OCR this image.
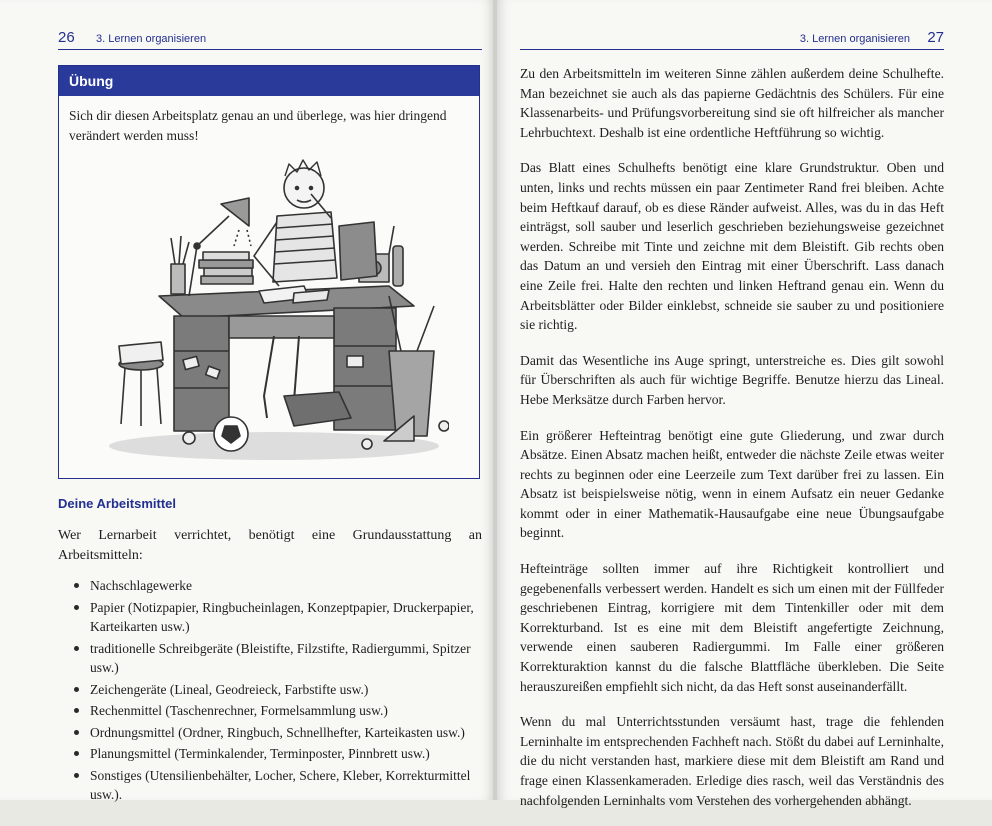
26 3. Lernen organisieren
Übung
Sich dir diesen Arbeitsplatz genau an und überlege, was hier dringend verändert werden muss!
Deine Arbeitsmittel
Wer Lernarbeit verrichtet, benötigt eine Grundausstattung an Arbeitsmitteln:
Nachschlagewerke
Papier (Notizpapier, Ringbucheinlagen, Konzeptpapier, Druckerpapier, Karteikarten usw.)
traditionelle Schreibgeräte (Bleistifte, Filzstifte, Radiergummi, Spitzer usw.)
Zeichengeräte (Lineal, Geodreieck, Farbstifte usw.)
Rechenmittel (Taschenrechner, Formelsammlung usw.)
Ordnungsmittel (Ordner, Ringbuch, Schnellhefter, Karteikasten usw.)
Planungsmittel (Terminkalender, Terminposter, Pinnbrett usw.)
Sonstiges (Utensilienbehälter, Locher, Schere, Kleber, Korrekturmittel usw.).
3. Lernen organisieren 27

Zu den Arbeitsmitteln im weiteren Sinne zählen außerdem deine Schulhefte. Man bezeichnet sie auch als das papierne Gedächtnis des Schülers. Für eine Klassenarbeits- und Prüfungsvorbereitung sind sie oft hilfreicher als mancher Lehrbuchtext. Deshalb ist eine ordentliche Heftführung so wichtig.

Das Blatt eines Schulhefts benötigt eine klare Grundstruktur. Oben und unten, links und rechts müssen ein paar Zentimeter Rand frei bleiben. Achte beim Heftkauf darauf, ob es diese Ränder aufweist. Alles, was du in das Heft einträgst, soll sauber und leserlich geschrieben beziehungsweise gezeichnet werden. Schreibe mit Tinte und zeichne mit dem Bleistift. Gib rechts oben das Datum an und versieh den Eintrag mit einer Überschrift. Lass danach eine Zeile frei. Halte den rechten und linken Heftrand genau ein. Wenn du Arbeitsblätter oder Bilder einklebst, schneide sie sauber zu und positioniere sie richtig.

Damit das Wesentliche ins Auge springt, unterstreiche es. Dies gilt sowohl für Überschriften als auch für wichtige Begriffe. Benutze hierzu das Lineal. Hebe Merksätze durch Farben hervor.

Ein größerer Hefteintrag benötigt eine gute Gliederung, und zwar durch Absätze. Einen Absatz machen heißt, entweder die nächste Zeile etwas weiter rechts zu beginnen oder eine Leerzeile zum Text darüber frei zu lassen. Ein Absatz ist beispielsweise nötig, wenn in einem Aufsatz ein neuer Gedanke kommt oder in einer Mathematik-Hausaufgabe eine neue Übungsaufgabe beginnt.

Hefteinträge sollten immer auf ihre Richtigkeit kontrolliert und gegebenenfalls verbessert werden. Handelt es sich um einen mit der Füllfeder geschriebenen Eintrag, korrigiere mit dem Tintenkiller oder mit dem Korrekturband. Ist es eine mit dem Bleistift angefertigte Zeichnung, verwende einen sauberen Radiergummi. Im Falle einer größeren Korrekturaktion kannst du die falsche Blattfläche überkleben. Die Seite herauszureißen empfiehlt sich nicht, da das Heft sonst auseinanderfällt.

Wenn du mal Unterrichtsstunden versäumt hast, trage die fehlenden Lerninhalte im entsprechenden Fachheft nach. Stößt du dabei auf Lerninhalte, die du nicht verstanden hast, markiere diese mit dem Bleistift am Rand und frage einen Klassenkameraden. Erledige dies rasch, weil das Verständnis des nachfolgenden Lerninhalts vom Verstehen des vorhergehenden abhängt.
